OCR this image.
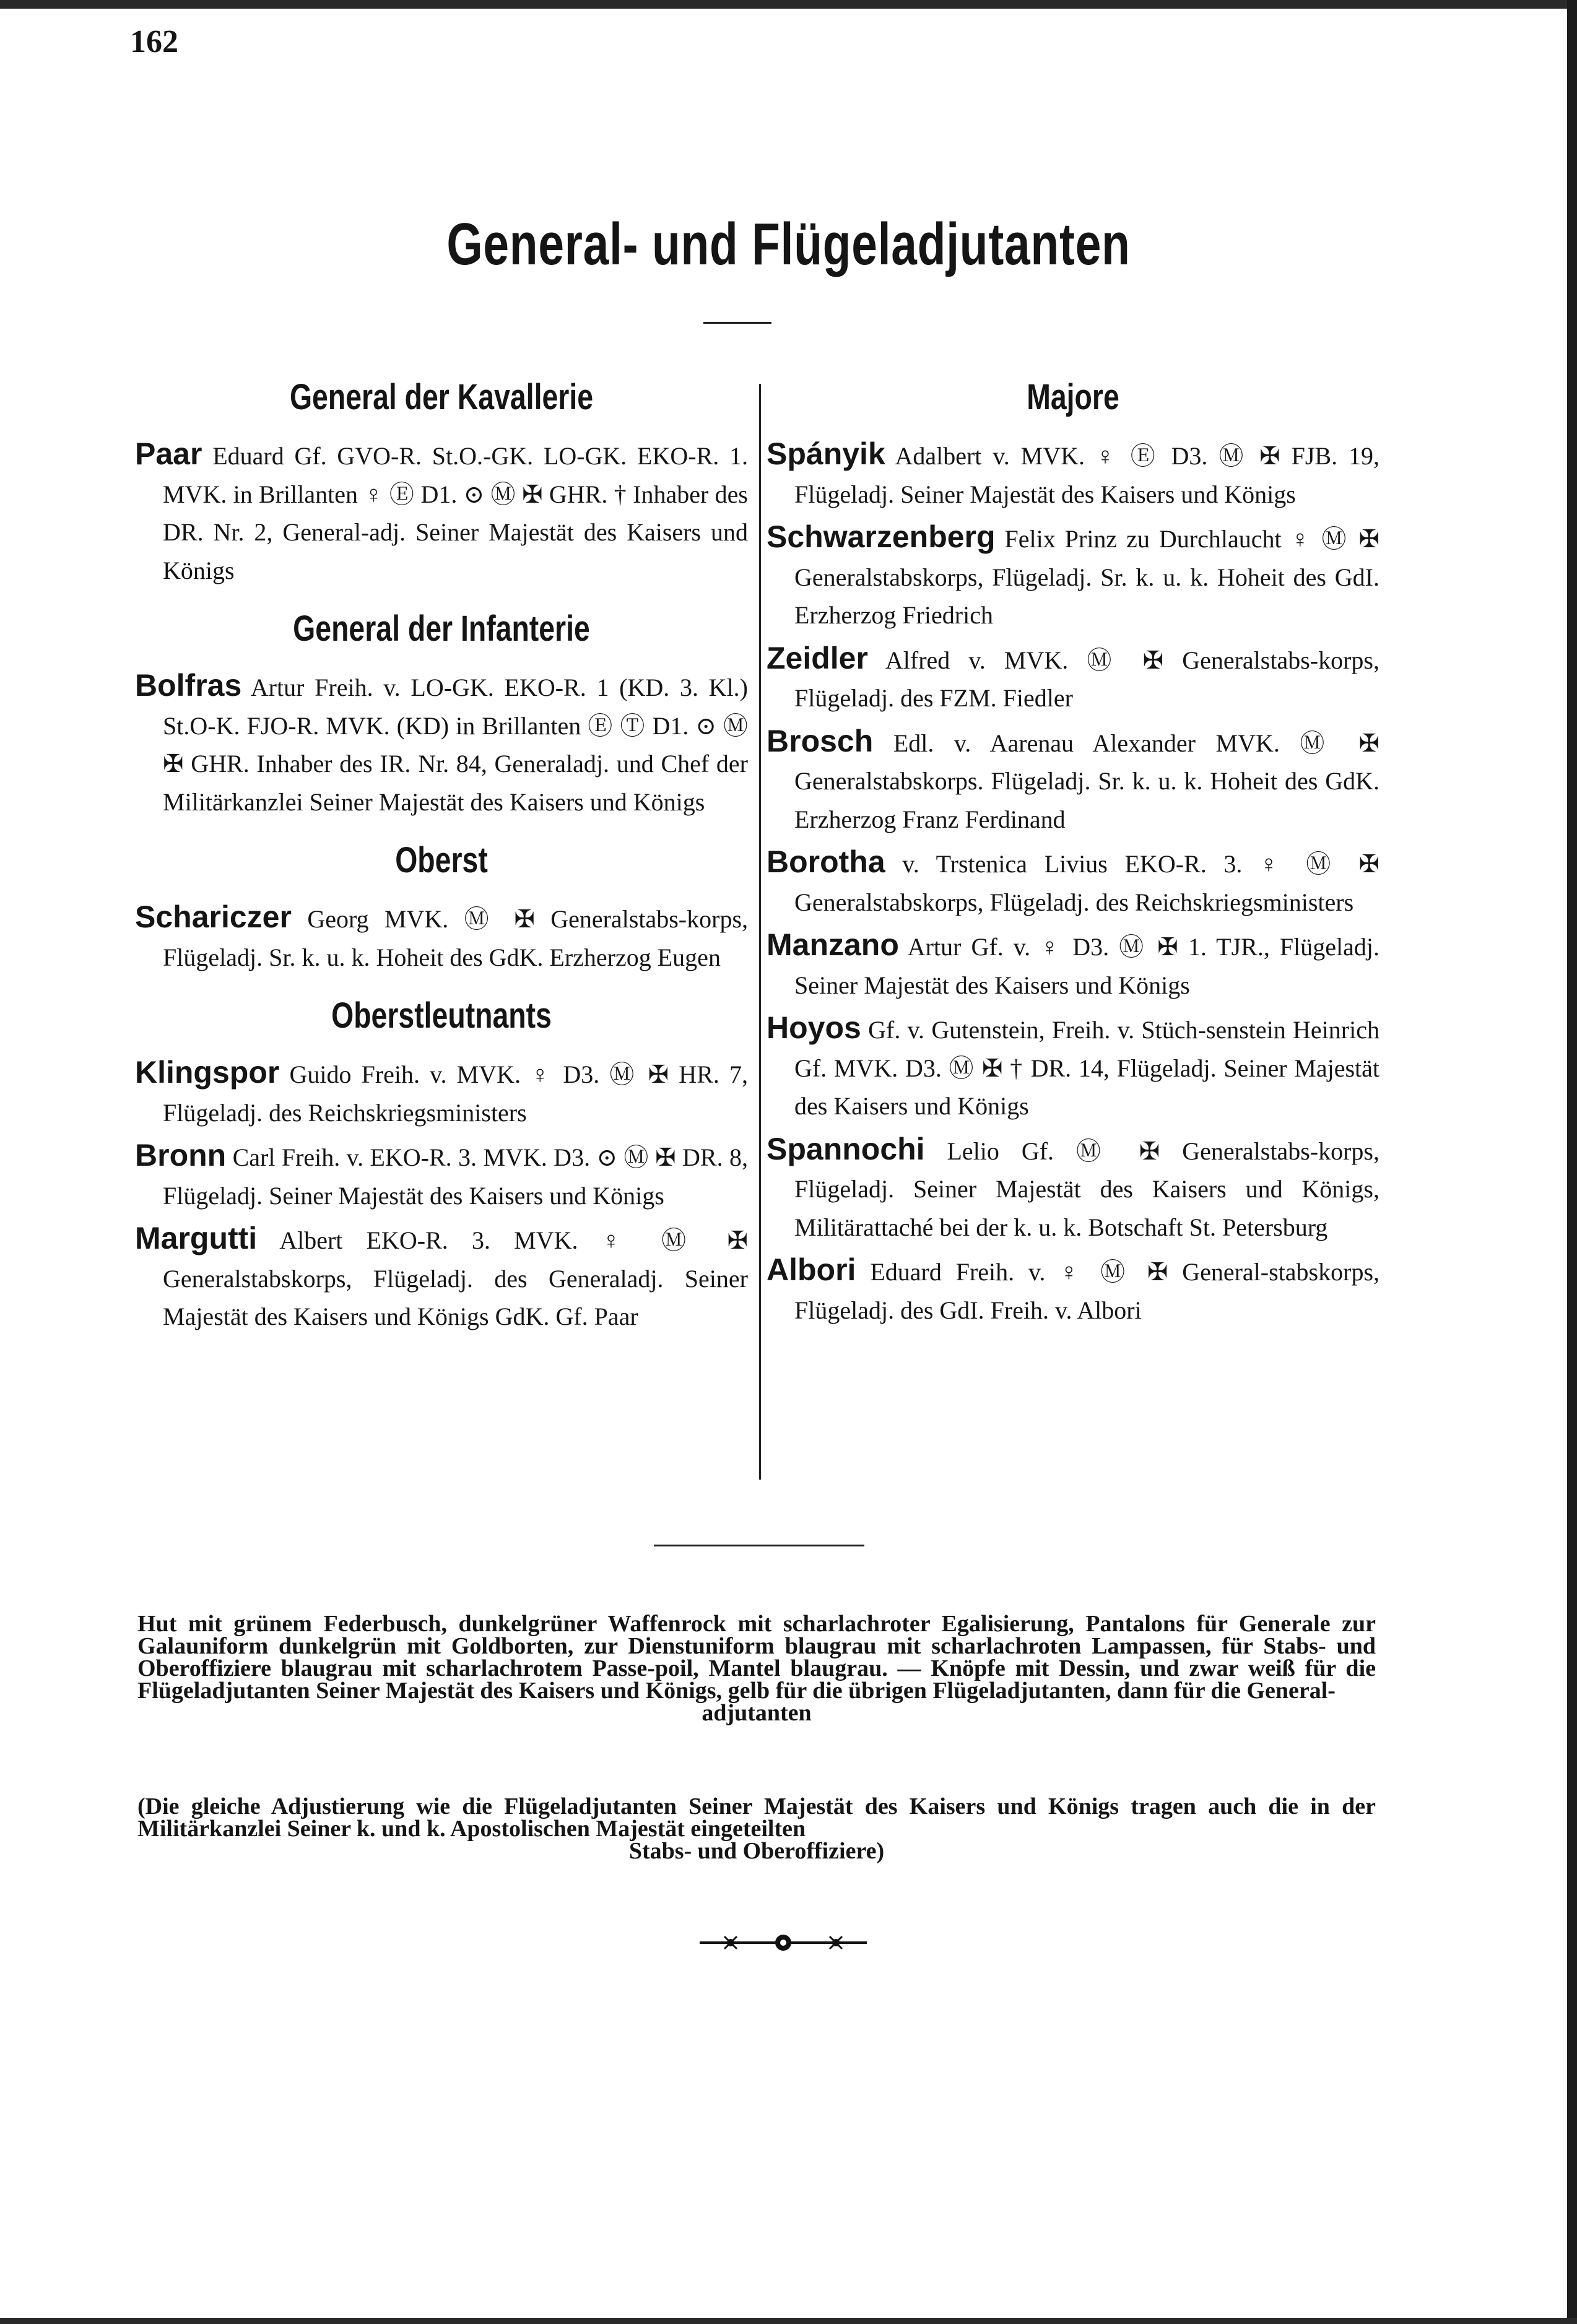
162
General- und Flügeladjutanten
General der Kavallerie
Paar Eduard Gf. GVO-R. St.O.-GK. LO-GK. EKO-R. 1. MVK. in Brillanten ♀ Ⓔ D1. ⊙ Ⓜ ✠ GHR. † Inhaber des DR. Nr. 2, General-adj. Seiner Majestät des Kaisers und Königs
General der Infanterie
Bolfras Artur Freih. v. LO-GK. EKO-R. 1 (KD. 3. Kl.) St.O-K. FJO-R. MVK. (KD) in Brillanten Ⓔ Ⓣ D1. ⊙ Ⓜ ✠ GHR. Inhaber des IR. Nr. 84, Generaladj. und Chef der Militärkanzlei Seiner Majestät des Kaisers und Königs
Oberst
Schariczer Georg MVK. Ⓜ ✠ Generalstabs-korps, Flügeladj. Sr. k. u. k. Hoheit des GdK. Erzherzog Eugen
Oberstleutnants
Klingspor Guido Freih. v. MVK. ♀ D3. Ⓜ ✠ HR. 7, Flügeladj. des Reichskriegsministers
Bronn Carl Freih. v. EKO-R. 3. MVK. D3. ⊙ Ⓜ ✠ DR. 8, Flügeladj. Seiner Majestät des Kaisers und Königs
Margutti Albert EKO-R. 3. MVK. ♀ Ⓜ ✠ Generalstabskorps, Flügeladj. des Generaladj. Seiner Majestät des Kaisers und Königs GdK. Gf. Paar
Majore
Spányik Adalbert v. MVK. ♀ Ⓔ D3. Ⓜ ✠ FJB. 19, Flügeladj. Seiner Majestät des Kaisers und Königs
Schwarzenberg Felix Prinz zu Durchlaucht ♀ Ⓜ ✠ Generalstabskorps, Flügeladj. Sr. k. u. k. Hoheit des GdI. Erzherzog Friedrich
Zeidler Alfred v. MVK. Ⓜ ✠ Generalstabs-korps, Flügeladj. des FZM. Fiedler
Brosch Edl. v. Aarenau Alexander MVK. Ⓜ ✠ Generalstabskorps. Flügeladj. Sr. k. u. k. Hoheit des GdK. Erzherzog Franz Ferdinand
Borotha v. Trstenica Livius EKO-R. 3. ♀ Ⓜ ✠ Generalstabskorps, Flügeladj. des Reichskriegsministers
Manzano Artur Gf. v. ♀ D3. Ⓜ ✠ 1. TJR., Flügeladj. Seiner Majestät des Kaisers und Königs
Hoyos Gf. v. Gutenstein, Freih. v. Stüch-senstein Heinrich Gf. MVK. D3. Ⓜ ✠ † DR. 14, Flügeladj. Seiner Majestät des Kaisers und Königs
Spannochi Lelio Gf. Ⓜ ✠ Generalstabs-korps, Flügeladj. Seiner Majestät des Kaisers und Königs, Militärattaché bei der k. u. k. Botschaft St. Petersburg
Albori Eduard Freih. v. ♀ Ⓜ ✠ General-stabskorps, Flügeladj. des GdI. Freih. v. Albori
Hut mit grünem Federbusch, dunkelgrüner Waffenrock mit scharlachroter Egalisierung, Pantalons für Generale zur Galauniform dunkelgrün mit Goldborten, zur Dienstuniform blaugrau mit scharlachroten Lampassen, für Stabs- und Oberoffiziere blaugrau mit scharlachrotem Passe-poil, Mantel blaugrau. — Knöpfe mit Dessin, und zwar weiß für die Flügeladjutanten Seiner Majestät des Kaisers und Königs, gelb für die übrigen Flügeladjutanten, dann für die General-
adjutanten
(Die gleiche Adjustierung wie die Flügeladjutanten Seiner Majestät des Kaisers und Königs tragen auch die in der Militärkanzlei Seiner k. und k. Apostolischen Majestät eingeteilten
Stabs- und Oberoffiziere)
